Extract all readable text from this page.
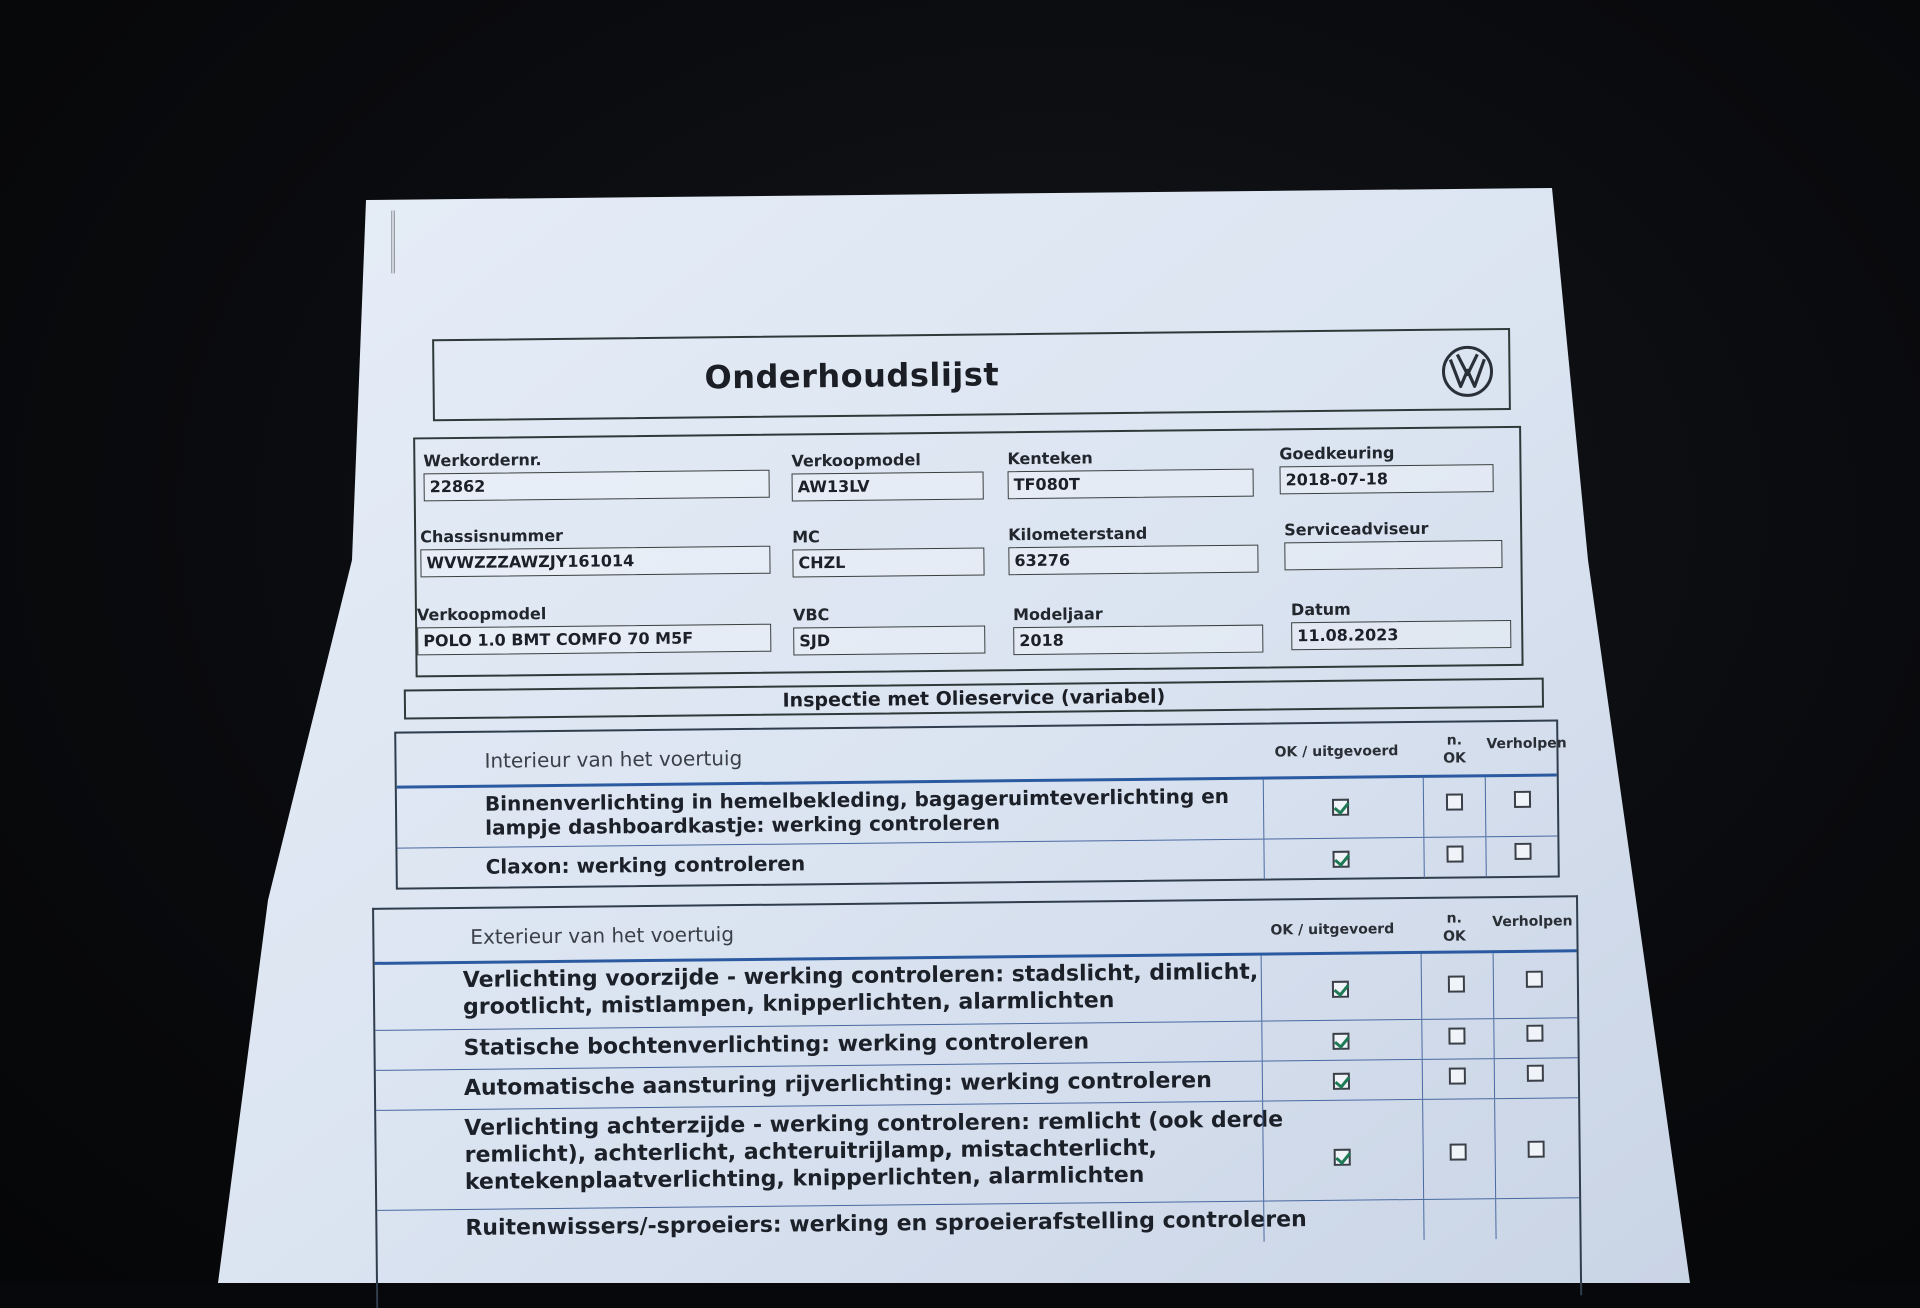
Onderhoudslijst
Werkordernr.
22862
Verkoopmodel
AW13LV
Kenteken
TF080T
Goedkeuring
2018-07-18
Chassisnummer
WVWZZZAWZJY161014
MC
CHZL
Kilometerstand
63276
Serviceadviseur
Verkoopmodel
POLO 1.0 BMT COMFO 70 M5F
VBC
SJD
Modeljaar
2018
Datum
11.08.2023
Inspectie met Olieservice (variabel)
Interieur van het voertuig	OK / uitgevoerd
n.
OK
Verholpen
Binnenverlichting in hemelbekleding, bagageruimteverlichting en
lampje dashboardkastje: werking controleren
Claxon: werking controleren
Exterieur van het voertuig	OK / uitgevoerd
n.
OK
Verholpen
Verlichting voorzijde - werking controleren: stadslicht, dimlicht,
grootlicht, mistlampen, knipperlichten, alarmlichten
Statische bochtenverlichting: werking controleren
Automatische aansturing rijverlichting: werking controleren
Verlichting achterzijde - werking controleren: remlicht (ook derde
remlicht), achterlicht, achteruitrijlamp, mistachterlicht,
kentekenplaatverlichting, knipperlichten, alarmlichten
Ruitenwissers/-sproeiers: werking en sproeierafstelling controleren
